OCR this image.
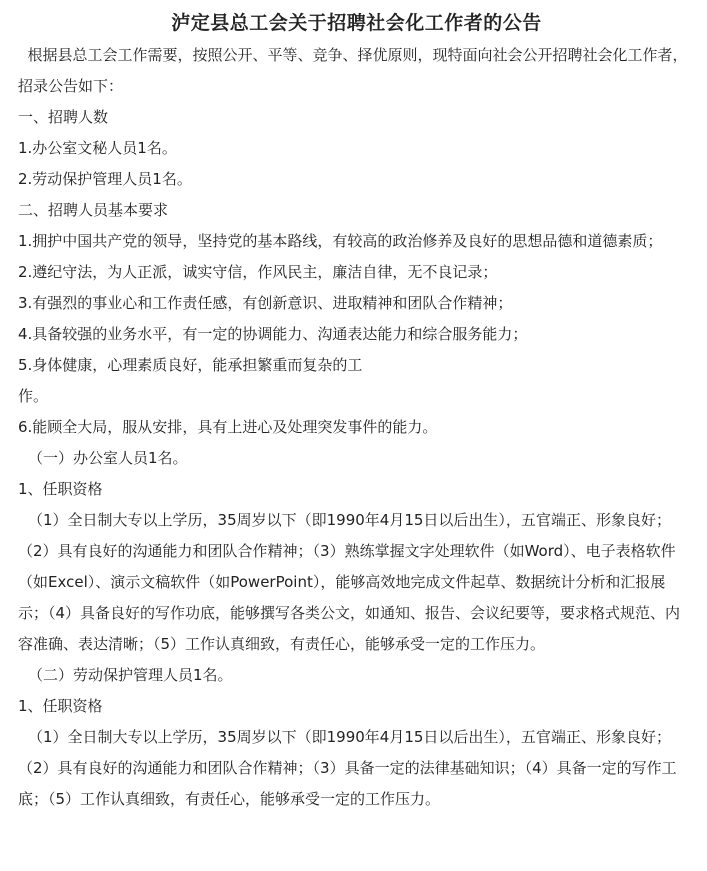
泸定县总工会关于招聘社会化工作者的公告

根据县总工会工作需要，按照公开、平等、竞争、择优原则，现特面向社会公开招聘社会化工作者，招录公告如下：

一、招聘人数

1.办公室文秘人员1名。

2.劳动保护管理人员1名。

二、招聘人员基本要求

1.拥护中国共产党的领导，坚持党的基本路线，有较高的政治修养及良好的思想品德和道德素质；

2.遵纪守法，为人正派，诚实守信，作风民主，廉洁自律，无不良记录；

3.有强烈的事业心和工作责任感，有创新意识、进取精神和团队合作精神；

4.具备较强的业务水平，有一定的协调能力、沟通表达能力和综合服务能力；

5.身体健康，心理素质良好，能承担繁重而复杂的工

作。

6.能顾全大局，服从安排，具有上进心及处理突发事件的能力。

（一）办公室人员1名。

1、任职资格

（1）全日制大专以上学历，35周岁以下（即1990年4月15日以后出生），五官端正、形象良好；（2）具有良好的沟通能力和团队合作精神；（3）熟练掌握文字处理软件（如Word）、电子表格软件（如Excel）、演示文稿软件（如PowerPoint），能够高效地完成文件起草、数据统计分析和汇报展示；（4）具备良好的写作功底，能够撰写各类公文，如通知、报告、会议纪要等，要求格式规范、内容准确、表达清晰；（5）工作认真细致，有责任心，能够承受一定的工作压力。

（二）劳动保护管理人员1名。

1、任职资格

（1）全日制大专以上学历，35周岁以下（即1990年4月15日以后出生），五官端正、形象良好；（2）具有良好的沟通能力和团队合作精神；（3）具备一定的法律基础知识；（4）具备一定的写作工底；（5）工作认真细致，有责任心，能够承受一定的工作压力。
